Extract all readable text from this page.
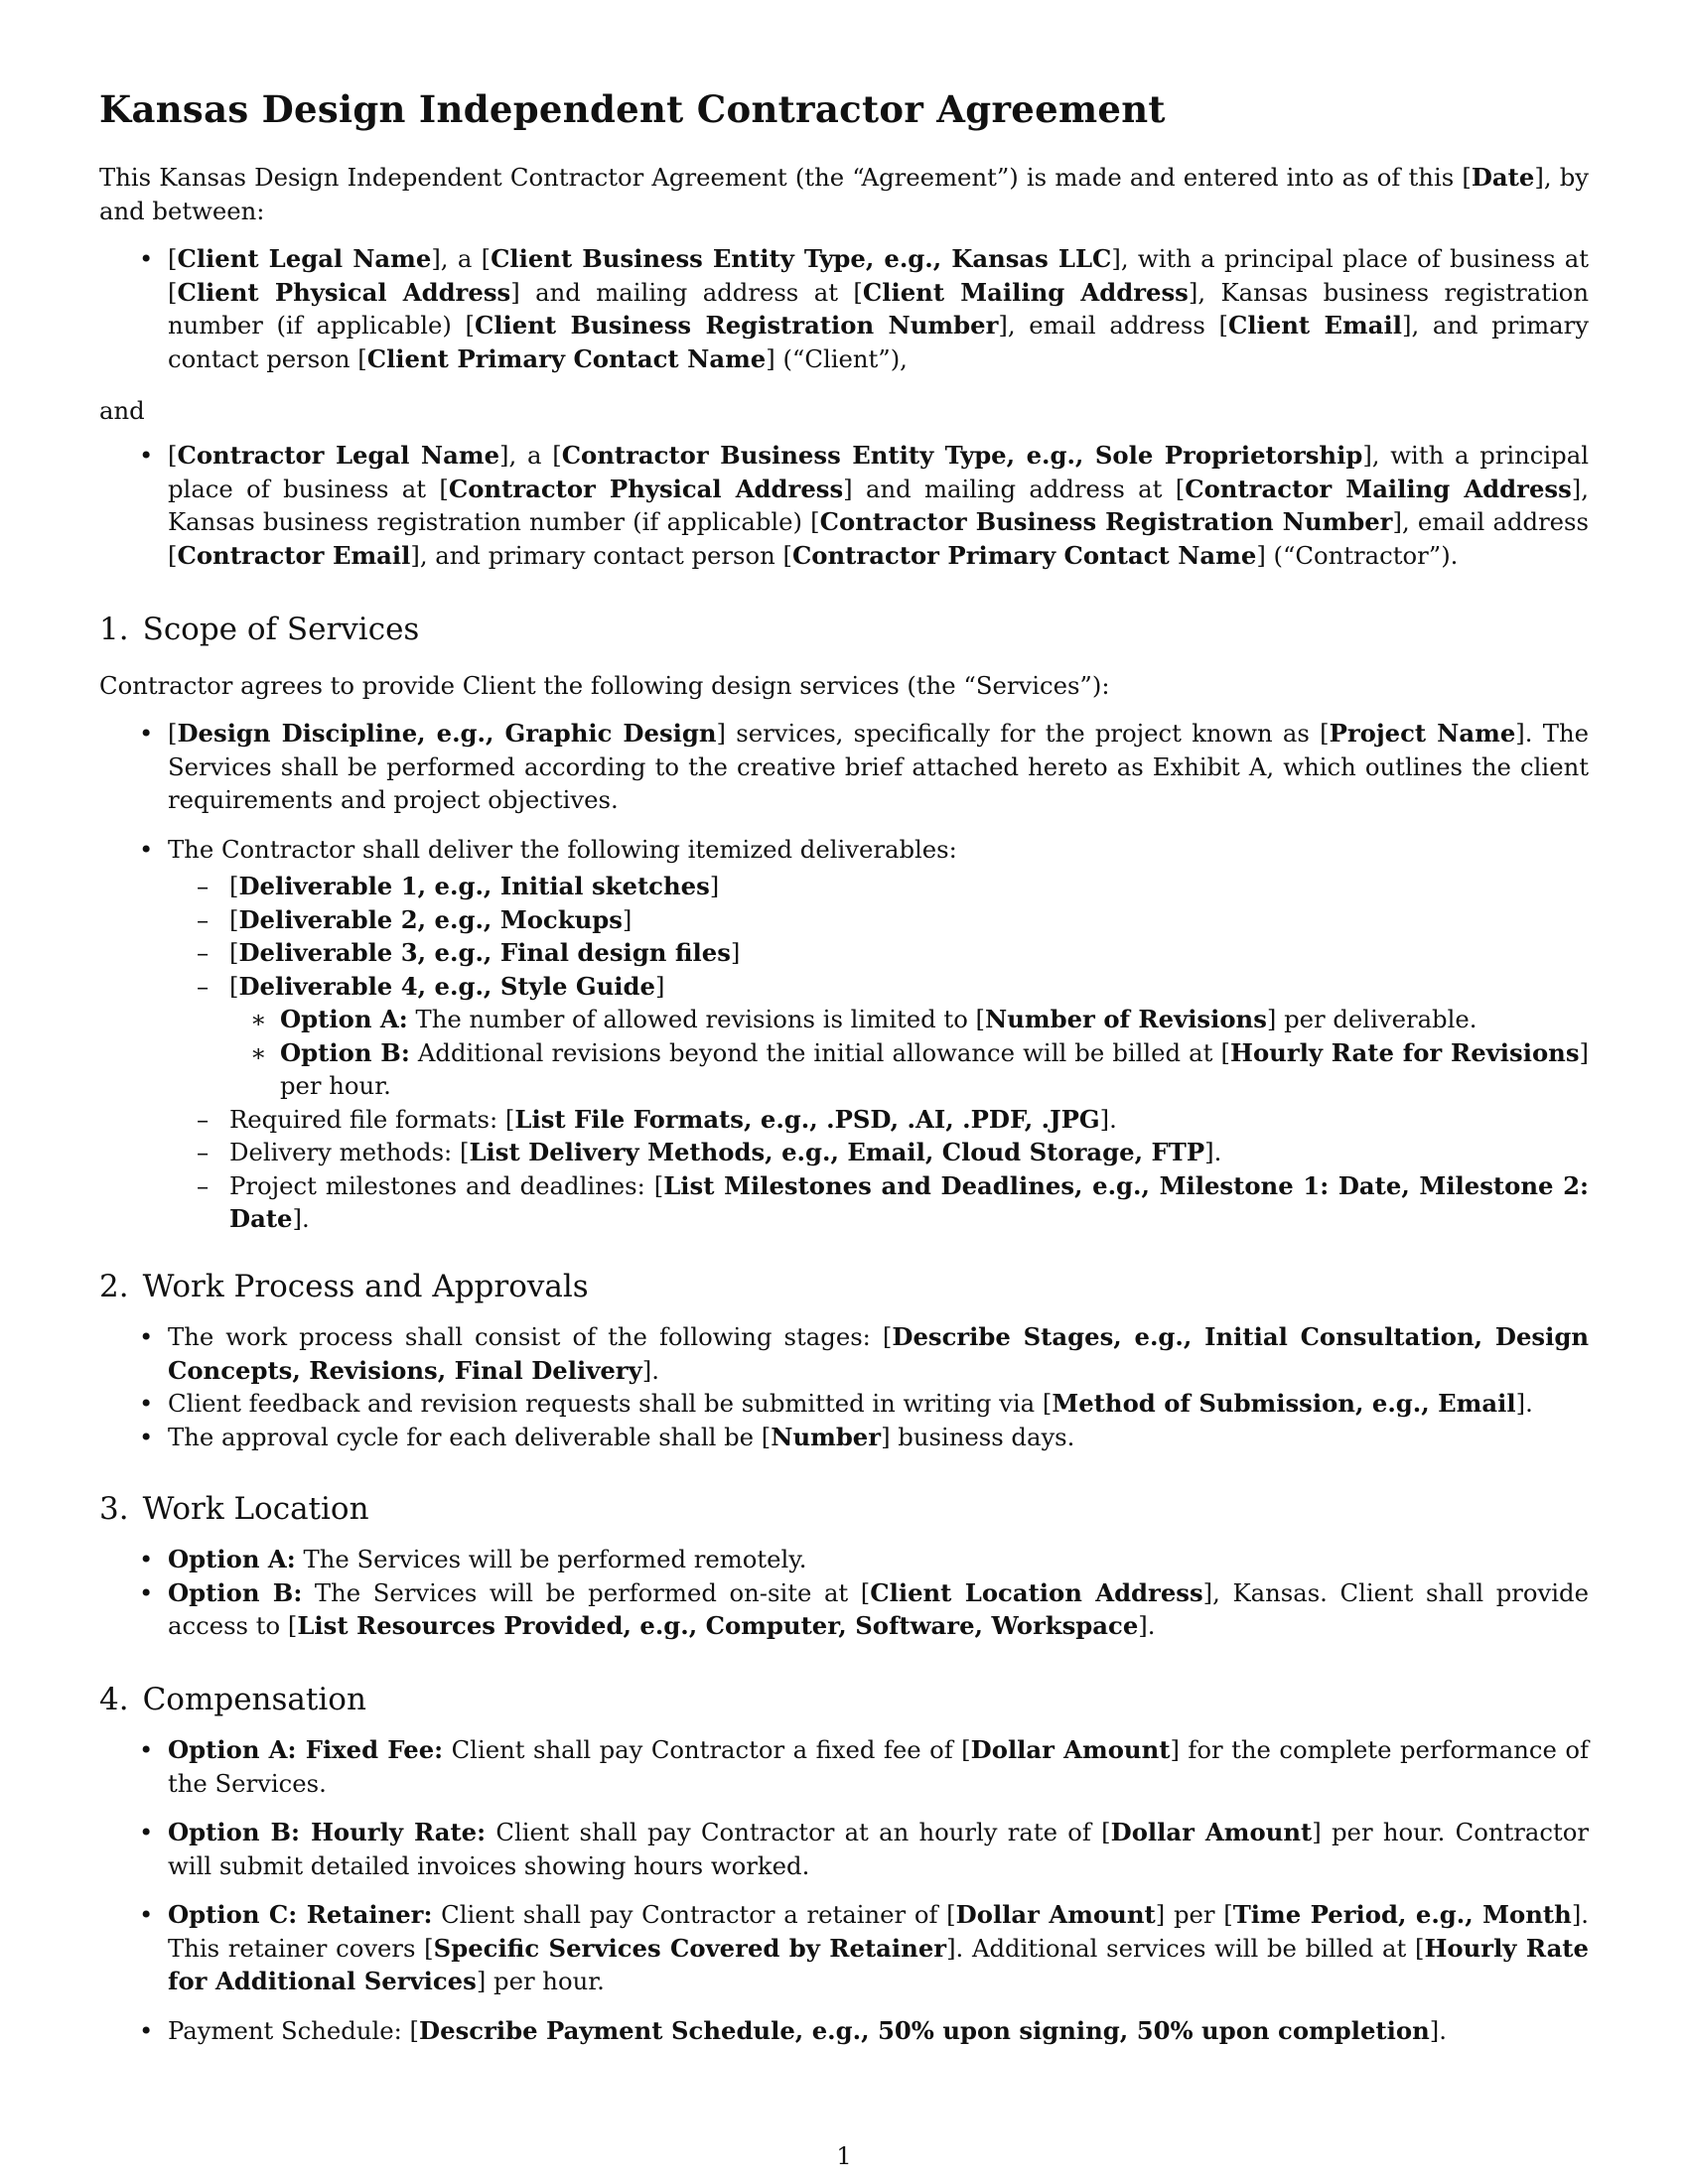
Kansas Design Independent Contractor Agreement

This Kansas Design Independent Contractor Agreement (the “Agreement”) is made and entered into as of this [Date], by and between:

• [Client Legal Name], a [Client Business Entity Type, e.g., Kansas LLC], with a principal place of business at [Client Physical Address] and mailing address at [Client Mailing Address], Kansas business registration number (if applicable) [Client Business Registration Number], email address [Client Email], and primary contact person [Client Primary Contact Name] (“Client”),

and

• [Contractor Legal Name], a [Contractor Business Entity Type, e.g., Sole Proprietorship], with a principal place of business at [Contractor Physical Address] and mailing address at [Contractor Mailing Address], Kansas business registration number (if applicable) [Contractor Business Registration Number], email address [Contractor Email], and primary contact person [Contractor Primary Contact Name] (“Contractor”).
1. Scope of Services

Contractor agrees to provide Client the following design services (the “Services”):

• [Design Discipline, e.g., Graphic Design] services, specifically for the project known as [Project Name]. The Services shall be performed according to the creative brief attached hereto as Exhibit A, which outlines the client requirements and project objectives.
• The Contractor shall deliver the following itemized deliverables:
– [Deliverable 1, e.g., Initial sketches]
– [Deliverable 2, e.g., Mockups]
– [Deliverable 3, e.g., Final design files]
– [Deliverable 4, e.g., Style Guide]
∗ Option A: The number of allowed revisions is limited to [Number of Revisions] per deliverable.
∗ Option B: Additional revisions beyond the initial allowance will be billed at [Hourly Rate for Revisions] per hour.
– Required file formats: [List File Formats, e.g., .PSD, .AI, .PDF, .JPG].
– Delivery methods: [List Delivery Methods, e.g., Email, Cloud Storage, FTP].
– Project milestones and deadlines: [List Milestones and Deadlines, e.g., Milestone 1: Date, Milestone 2: Date].
2. Work Process and Approvals
• The work process shall consist of the following stages: [Describe Stages, e.g., Initial Consultation, Design Concepts, Revisions, Final Delivery].
• Client feedback and revision requests shall be submitted in writing via [Method of Submission, e.g., Email].
• The approval cycle for each deliverable shall be [Number] business days.
3. Work Location
• Option A: The Services will be performed remotely.
• Option B: The Services will be performed on-site at [Client Location Address], Kansas. Client shall provide access to [List Resources Provided, e.g., Computer, Software, Workspace].
4. Compensation
• Option A: Fixed Fee: Client shall pay Contractor a fixed fee of [Dollar Amount] for the complete performance of the Services.
• Option B: Hourly Rate: Client shall pay Contractor at an hourly rate of [Dollar Amount] per hour. Contractor will submit detailed invoices showing hours worked.
• Option C: Retainer: Client shall pay Contractor a retainer of [Dollar Amount] per [Time Period, e.g., Month]. This retainer covers [Specific Services Covered by Retainer]. Additional services will be billed at [Hourly Rate for Additional Services] per hour.
• Payment Schedule: [Describe Payment Schedule, e.g., 50% upon signing, 50% upon completion].
1
